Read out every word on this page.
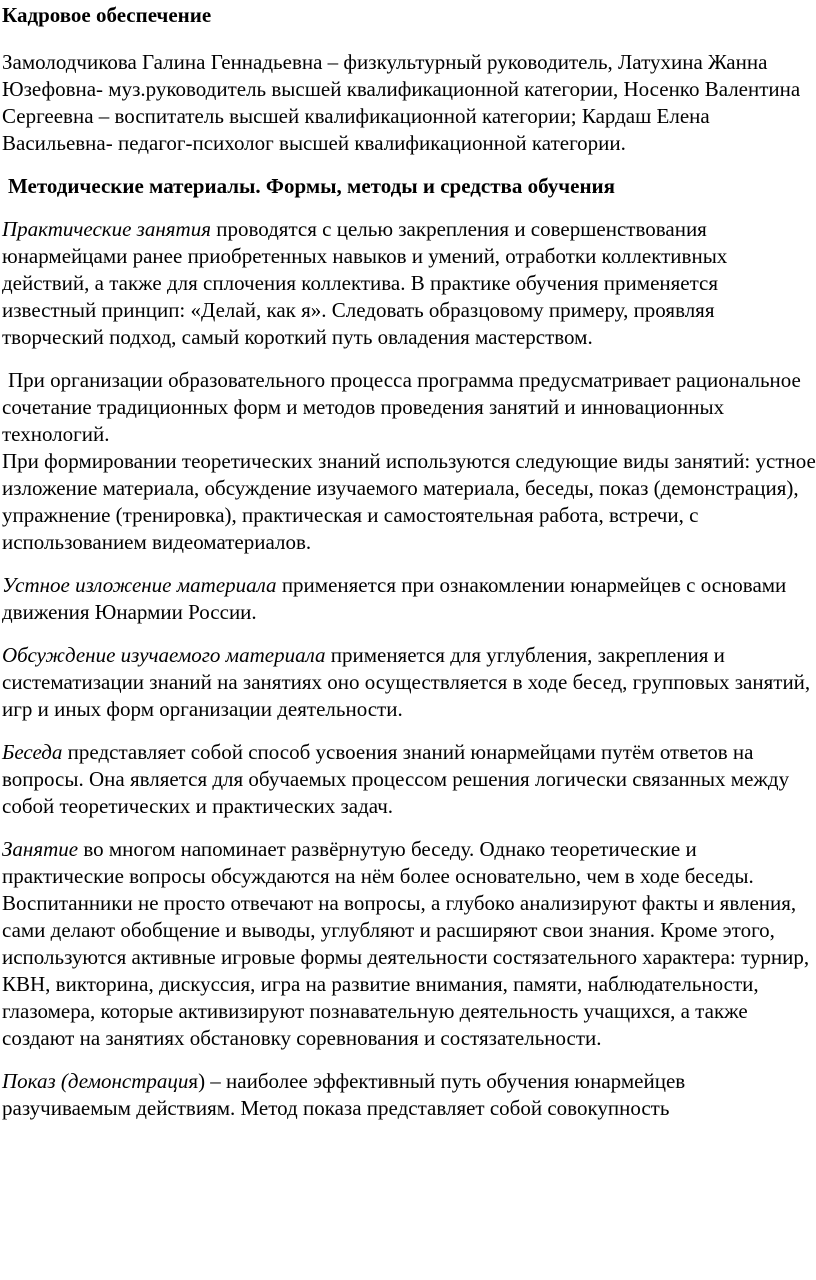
Кадровое обеспечение

Замолодчикова Галина Геннадьевна – физкультурный руководитель, Латухина Жанна Юзефовна- муз.руководитель высшей квалификационной категории, Носенко Валентина Сергеевна – воспитатель высшей квалификационной категории; Кардаш Елена Васильевна- педагог-психолог высшей квалификационной категории.

Методические материалы. Формы, методы и средства обучения

Практические занятия проводятся с целью закрепления и совершенствования юнармейцами ранее приобретенных навыков и умений, отработки коллективных действий, а также для сплочения коллектива. В практике обучения применяется известный принцип: «Делай, как я». Следовать образцовому примеру, проявляя творческий подход, самый короткий путь овладения мастерством.

При организации образовательного процесса программа предусматривает рациональное сочетание традиционных форм и методов проведения занятий и инновационных технологий.

При формировании теоретических знаний используются следующие виды занятий: устное изложение материала, обсуждение изучаемого материала, беседы, показ (демонстрация), упражнение (тренировка), практическая и самостоятельная работа, встречи, с использованием видеоматериалов.

Устное изложение материала применяется при ознакомлении юнармейцев с основами движения Юнармии России.

Обсуждение изучаемого материала применяется для углубления, закрепления и систематизации знаний на занятиях оно осуществляется в ходе бесед, групповых занятий, игр и иных форм организации деятельности.

Беседа представляет собой способ усвоения знаний юнармейцами путём ответов на вопросы. Она является для обучаемых процессом решения логически связанных между собой теоретических и практических задач.

Занятие во многом напоминает развёрнутую беседу. Однако теоретические и практические вопросы обсуждаются на нём более основательно, чем в ходе беседы. Воспитанники не просто отвечают на вопросы, а глубоко анализируют факты и явления, сами делают обобщение и выводы, углубляют и расширяют свои знания. Кроме этого, используются активные игровые формы деятельности состязательного характера: турнир, КВН, викторина, дискуссия, игра на развитие внимания, памяти, наблюдательности, глазомера, которые активизируют познавательную деятельность учащихся, а также создают на занятиях обстановку соревнования и состязательности.

Показ (демонстрация) – наиболее эффективный путь обучения юнармейцев разучиваемым действиям. Метод показа представляет собой совокупность
